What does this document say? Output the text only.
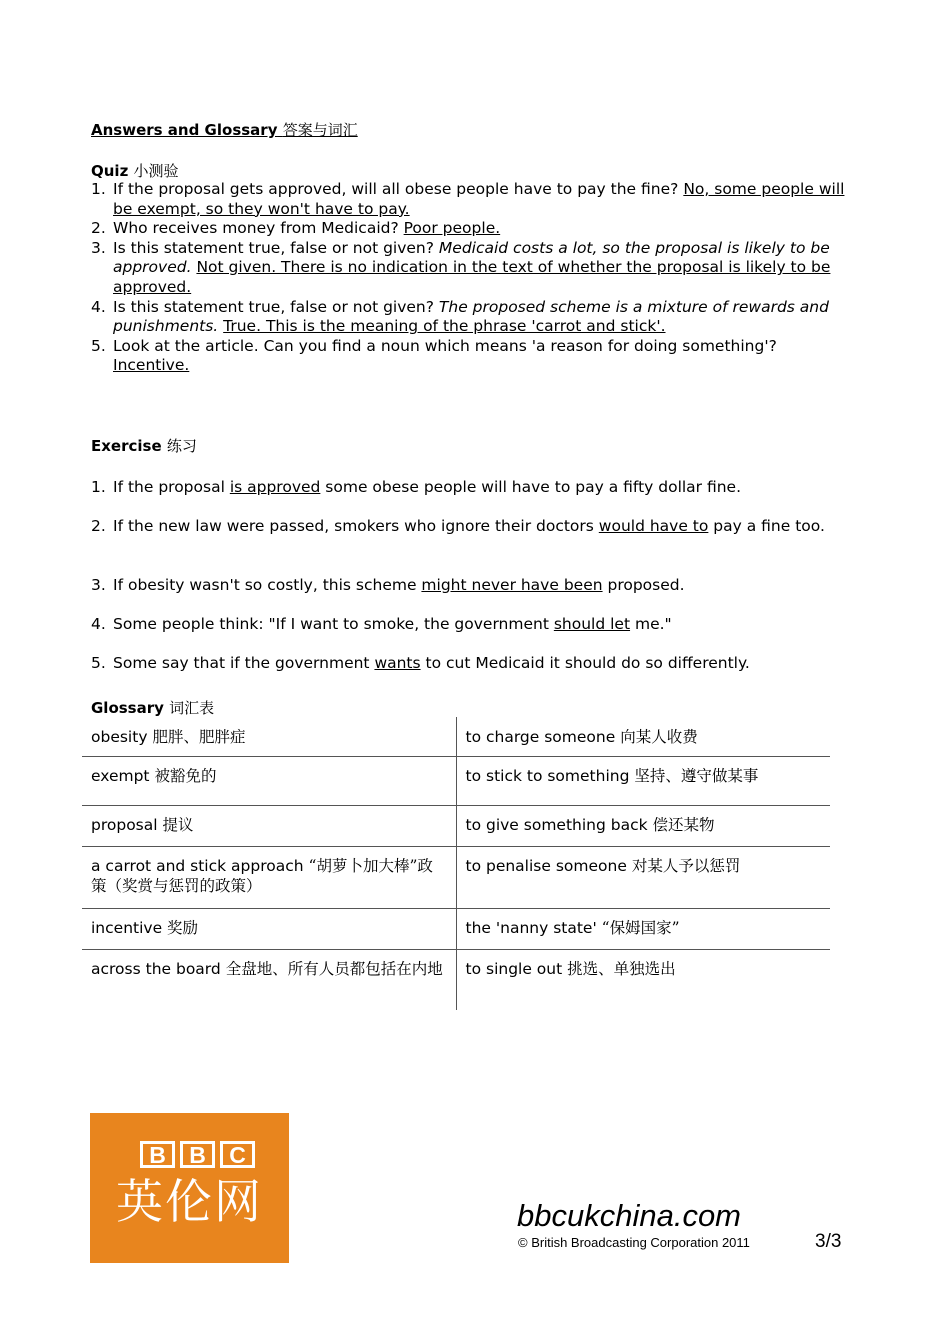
Answers and Glossary 答案与词汇
Quiz 小测验
1. If the proposal gets approved, will all obese people have to pay the fine? No, some people will be exempt, so they won't have to pay.
2. Who receives money from Medicaid? Poor people.
3. Is this statement true, false or not given? Medicaid costs a lot, so the proposal is likely to be approved. Not given. There is no indication in the text of whether the proposal is likely to be approved.
4. Is this statement true, false or not given? The proposed scheme is a mixture of rewards and punishments. True. This is the meaning of the phrase 'carrot and stick'.
5. Look at the article. Can you find a noun which means 'a reason for doing something'? Incentive.
Exercise 练习
1. If the proposal is approved some obese people will have to pay a fifty dollar fine.
2. If the new law were passed, smokers who ignore their doctors would have to pay a fine too.
3. If obesity wasn't so costly, this scheme might never have been proposed.
4. Some people think: "If I want to smoke, the government should let me."
5. Some say that if the government wants to cut Medicaid it should do so differently.
Glossary 词汇表
obesity 肥胖、肥胖症	to charge someone 向某人收费
exempt 被豁免的	to stick to something 坚持、遵守做某事
proposal 提议	to give something back 偿还某物
a carrot and stick approach “胡萝卜加大棒”政策（奖赏与惩罚的政策）	to penalise someone 对某人予以惩罚
incentive 奖励	the 'nanny state' “保姆国家”
across the board 全盘地、所有人员都包括在内地	to single out 挑选、单独选出
B	B	C
英伦网	bbcukchina.com
© British Broadcasting Corporation 2011	3/3
